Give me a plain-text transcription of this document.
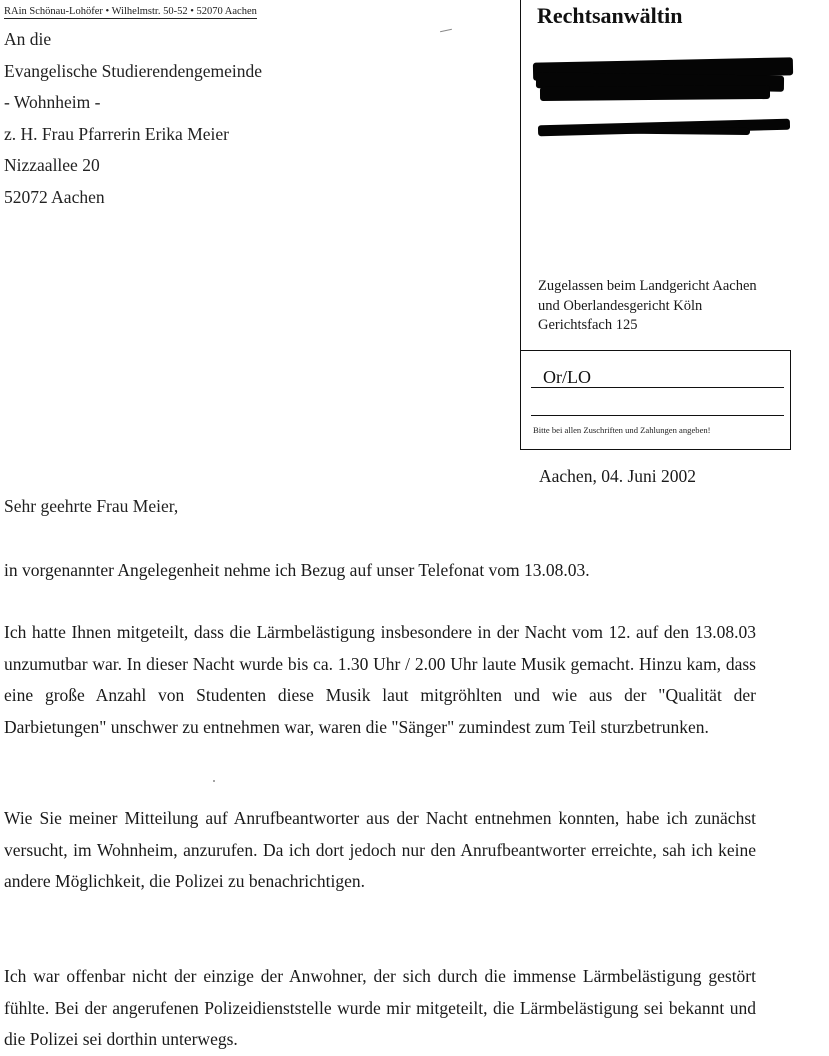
RAin Schönau-Lohöfer • Wilhelmstr. 50-52 • 52070 Aachen
An die
Evangelische Studierendengemeinde
- Wohnheim -
z. H. Frau Pfarrerin Erika Meier
Nizzaallee 20
52072 Aachen
Rechtsanwältin
Zugelassen beim Landgericht Aachen
und Oberlandesgericht Köln
Gerichtsfach 125
Or/LO
Bitte bei allen Zuschriften und Zahlungen angeben!
Aachen, 04. Juni 2002
Sehr geehrte Frau Meier,
in vorgenannter Angelegenheit nehme ich Bezug auf unser Telefonat vom 13.08.03.
Ich hatte Ihnen mitgeteilt, dass die Lärmbelästigung insbesondere in der Nacht vom 12. auf den 13.08.03 unzumutbar war. In dieser Nacht wurde bis ca. 1.30 Uhr / 2.00 Uhr laute Musik gemacht. Hinzu kam, dass eine große Anzahl von Studenten diese Musik laut mitgröhlten und wie aus der "Qualität der Darbietungen" unschwer zu entnehmen war, waren die "Sänger" zumindest zum Teil sturzbetrunken.
Wie Sie meiner Mitteilung auf Anrufbeantworter aus der Nacht entnehmen konnten, habe ich zunächst versucht, im Wohnheim, anzurufen. Da ich dort jedoch nur den Anrufbeantworter erreichte, sah ich keine andere Möglichkeit, die Polizei zu benachrichtigen.
Ich war offenbar nicht der einzige der Anwohner, der sich durch die immense Lärmbelästigung gestört fühlte. Bei der angerufenen Polizeidienststelle wurde mir mitgeteilt, die Lärmbelästigung sei bekannt und die Polizei sei dorthin unterwegs.
